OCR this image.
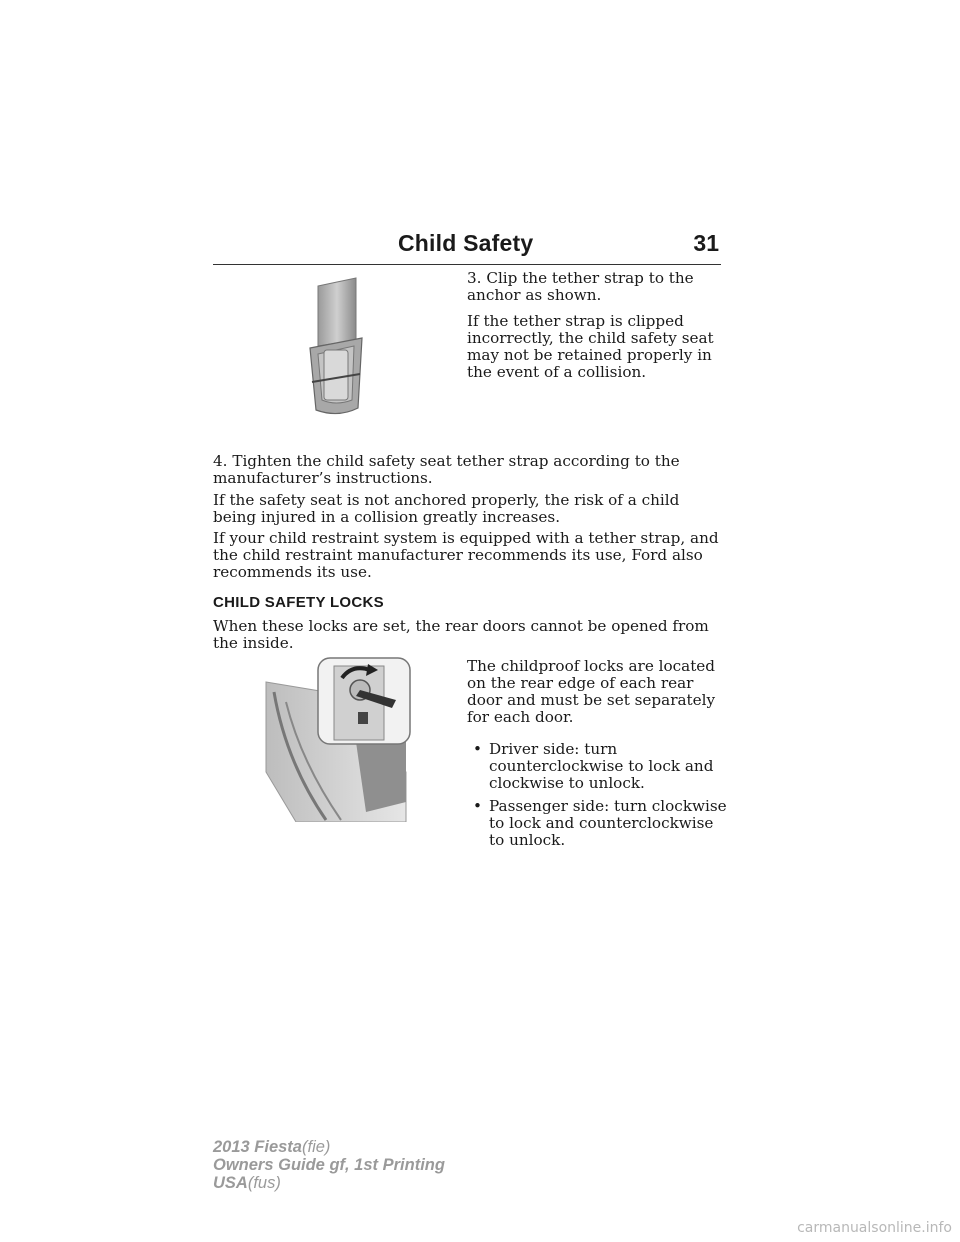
Child Safety	31

3. Clip the tether strap to the anchor as shown.

If the tether strap is clipped incorrectly, the child safety seat may not be retained properly in the event of a collision.

4. Tighten the child safety seat tether strap according to the manufacturer’s instructions.

If the safety seat is not anchored properly, the risk of a child being injured in a collision greatly increases.

If your child restraint system is equipped with a tether strap, and the child restraint manufacturer recommends its use, Ford also recommends its use.

CHILD SAFETY LOCKS

When these locks are set, the rear doors cannot be opened from the inside.

The childproof locks are located on the rear edge of each rear door and must be set separately for each door.

• Driver side: turn counterclockwise to lock and clockwise to unlock.
• Passenger side: turn clockwise to lock and counterclockwise to unlock.
2013 Fiesta(fie)
Owners Guide gf, 1st Printing
USA(fus)
carmanualsonline.info
